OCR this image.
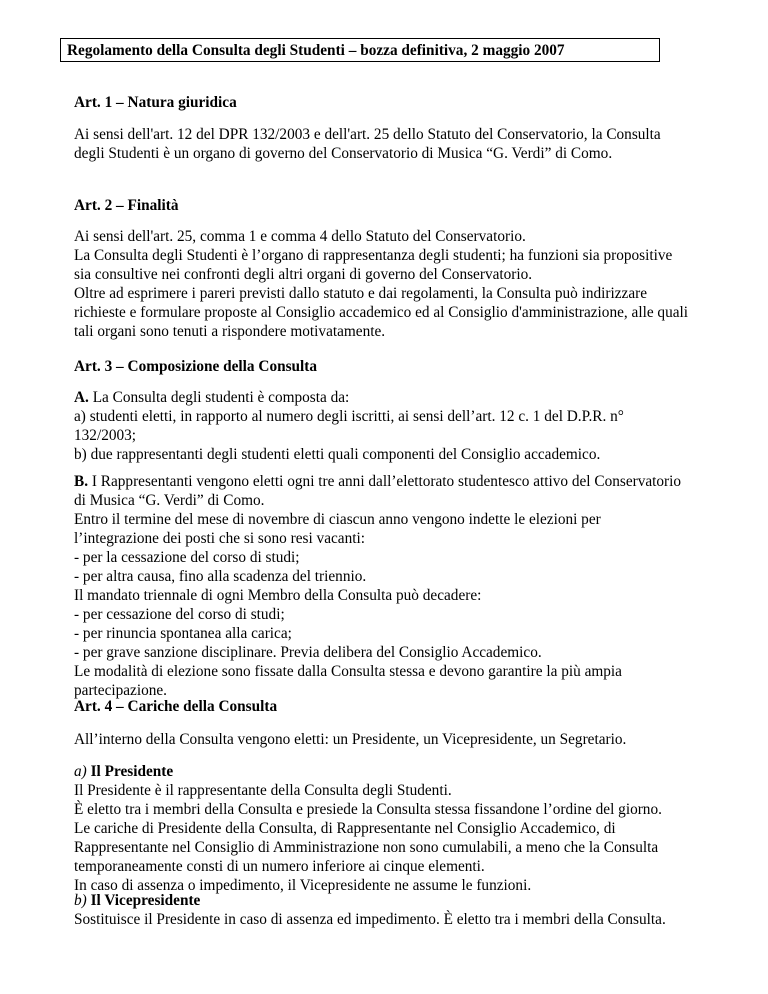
Regolamento della Consulta degli Studenti – bozza definitiva, 2 maggio 2007
Art. 1 – Natura giuridica
Ai sensi dell'art. 12 del DPR 132/2003 e dell'art. 25 dello Statuto del Conservatorio, la Consulta
degli Studenti è un organo di governo del Conservatorio di Musica “G. Verdi” di Como.
Art. 2 – Finalità
Ai sensi dell'art. 25, comma 1 e comma 4 dello Statuto del Conservatorio.
La Consulta degli Studenti è l’organo di rappresentanza degli studenti; ha funzioni sia propositive
sia consultive nei confronti degli altri organi di governo del Conservatorio.
Oltre ad esprimere i pareri previsti dallo statuto e dai regolamenti, la Consulta può indirizzare
richieste e formulare proposte al Consiglio accademico ed al Consiglio d'amministrazione, alle quali
tali organi sono tenuti a rispondere motivatamente.
Art. 3 – Composizione della Consulta
A. La Consulta degli studenti è composta da:
a) studenti eletti, in rapporto al numero degli iscritti, ai sensi dell’art. 12 c. 1 del D.P.R. n°
132/2003;
b) due rappresentanti degli studenti eletti quali componenti del Consiglio accademico.
B. I Rappresentanti vengono eletti ogni tre anni dall’elettorato studentesco attivo del Conservatorio
di Musica “G. Verdi” di Como.
Entro il termine del mese di novembre di ciascun anno vengono indette le elezioni per
l’integrazione dei posti che si sono resi vacanti:
- per la cessazione del corso di studi;
- per altra causa, fino alla scadenza del triennio.
Il mandato triennale di ogni Membro della Consulta può decadere:
- per cessazione del corso di studi;
- per rinuncia spontanea alla carica;
- per grave sanzione disciplinare. Previa delibera del Consiglio Accademico.
Le modalità di elezione sono fissate dalla Consulta stessa e devono garantire la più ampia
partecipazione.
Art. 4 – Cariche della Consulta
All’interno della Consulta vengono eletti: un Presidente, un Vicepresidente, un Segretario.
a) Il Presidente
Il Presidente è il rappresentante della Consulta degli Studenti.
È eletto tra i membri della Consulta e presiede la Consulta stessa fissandone l’ordine del giorno.
Le cariche di Presidente della Consulta, di Rappresentante nel Consiglio Accademico, di
Rappresentante nel Consiglio di Amministrazione non sono cumulabili, a meno che la Consulta
temporaneamente consti di un numero inferiore ai cinque elementi.
In caso di assenza o impedimento, il Vicepresidente ne assume le funzioni.
b) Il Vicepresidente
Sostituisce il Presidente in caso di assenza ed impedimento. È eletto tra i membri della Consulta.
